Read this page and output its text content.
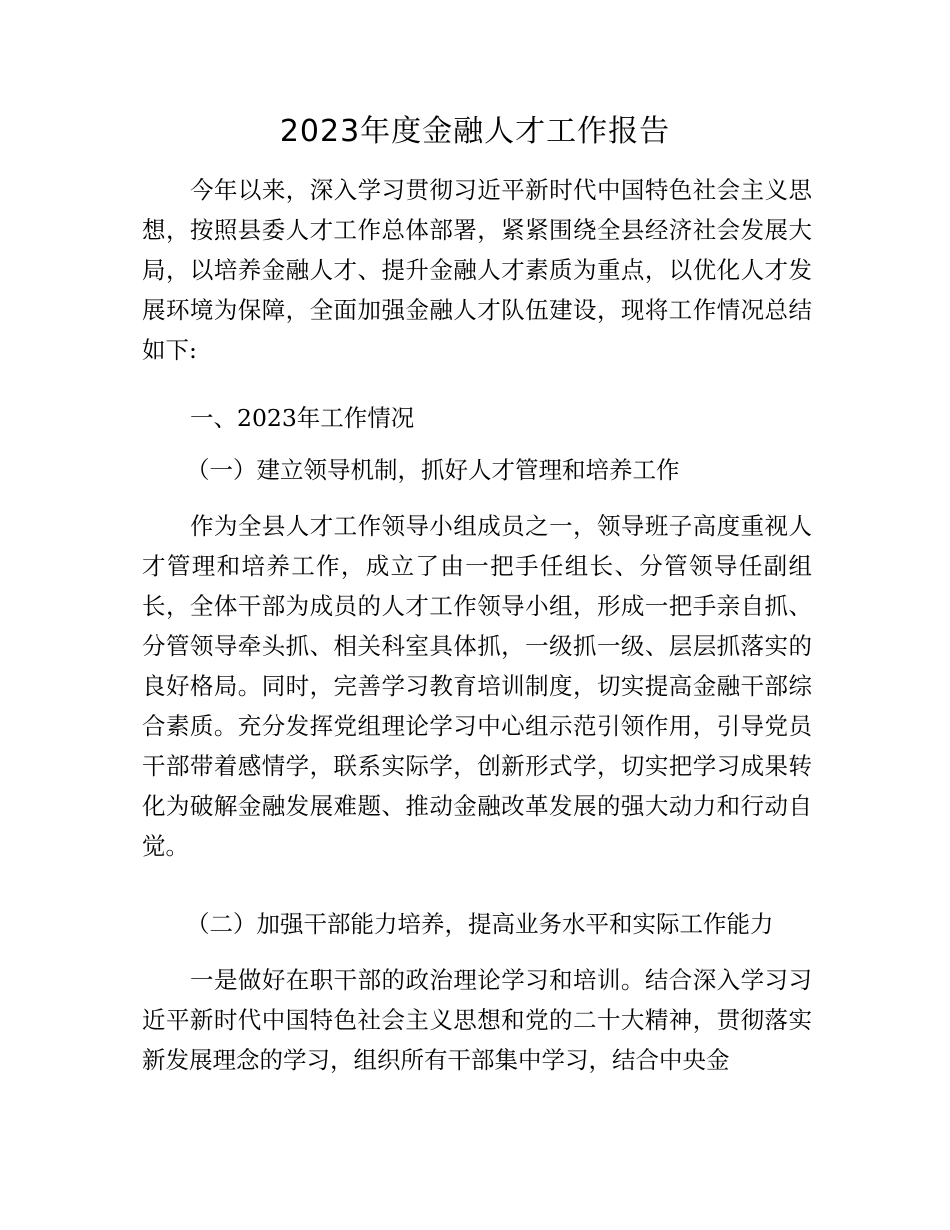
2023年度金融人才工作报告

今年以来，深入学习贯彻习近平新时代中国特色社会主义思想，按照县委人才工作总体部署，紧紧围绕全县经济社会发展大局，以培养金融人才、提升金融人才素质为重点，以优化人才发展环境为保障，全面加强金融人才队伍建设，现将工作情况总结如下:

一、2023年工作情况

（一）建立领导机制，抓好人才管理和培养工作

作为全县人才工作领导小组成员之一，领导班子高度重视人才管理和培养工作，成立了由一把手任组长、分管领导任副组长，全体干部为成员的人才工作领导小组，形成一把手亲自抓、分管领导牵头抓、相关科室具体抓，一级抓一级、层层抓落实的良好格局。同时，完善学习教育培训制度，切实提高金融干部综合素质。充分发挥党组理论学习中心组示范引领作用，引导党员干部带着感情学，联系实际学，创新形式学，切实把学习成果转化为破解金融发展难题、推动金融改革发展的强大动力和行动自觉。

（二）加强干部能力培养，提高业务水平和实际工作能力

一是做好在职干部的政治理论学习和培训。结合深入学习习近平新时代中国特色社会主义思想和党的二十大精神，贯彻落实新发展理念的学习，组织所有干部集中学习，结合中央金
